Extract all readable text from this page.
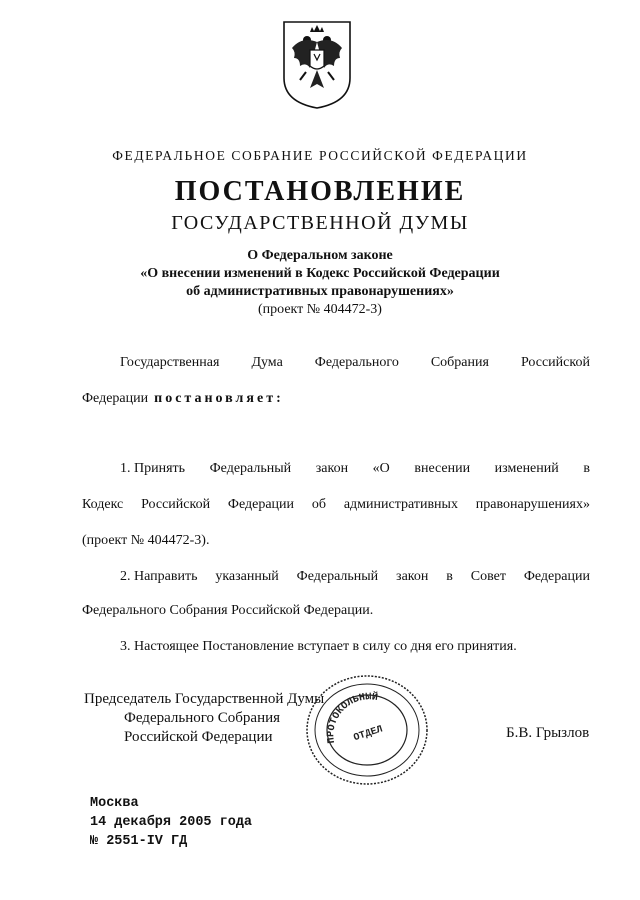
ФЕДЕРАЛЬНОЕ СОБРАНИЕ РОССИЙСКОЙ ФЕДЕРАЦИИ
ПОСТАНОВЛЕНИЕ
ГОСУДАРСТВЕННОЙ ДУМЫ
О Федеральном законе
«О внесении изменений в Кодекс Российской Федерации
об административных правонарушениях»
(проект № 404472-3)
Государственная Дума Федерального Собрания Российской
Федерации постановляет:
1. Принять Федеральный закон «О внесении изменений в
Кодекс Российской Федерации об административных правонарушениях»
(проект № 404472-3).
2. Направить указанный Федеральный закон в Совет Федерации
Федерального Собрания Российской Федерации.
3. Настоящее Постановление вступает в силу со дня его принятия.
Председатель Государственной Думы
Федерального Собрания
Российской Федерации	Б.В. Грызлов
ПРОТОКОЛЬНЫЙ
ОТДЕЛ
Москва
14 декабря 2005 года
№ 2551-IV ГД
